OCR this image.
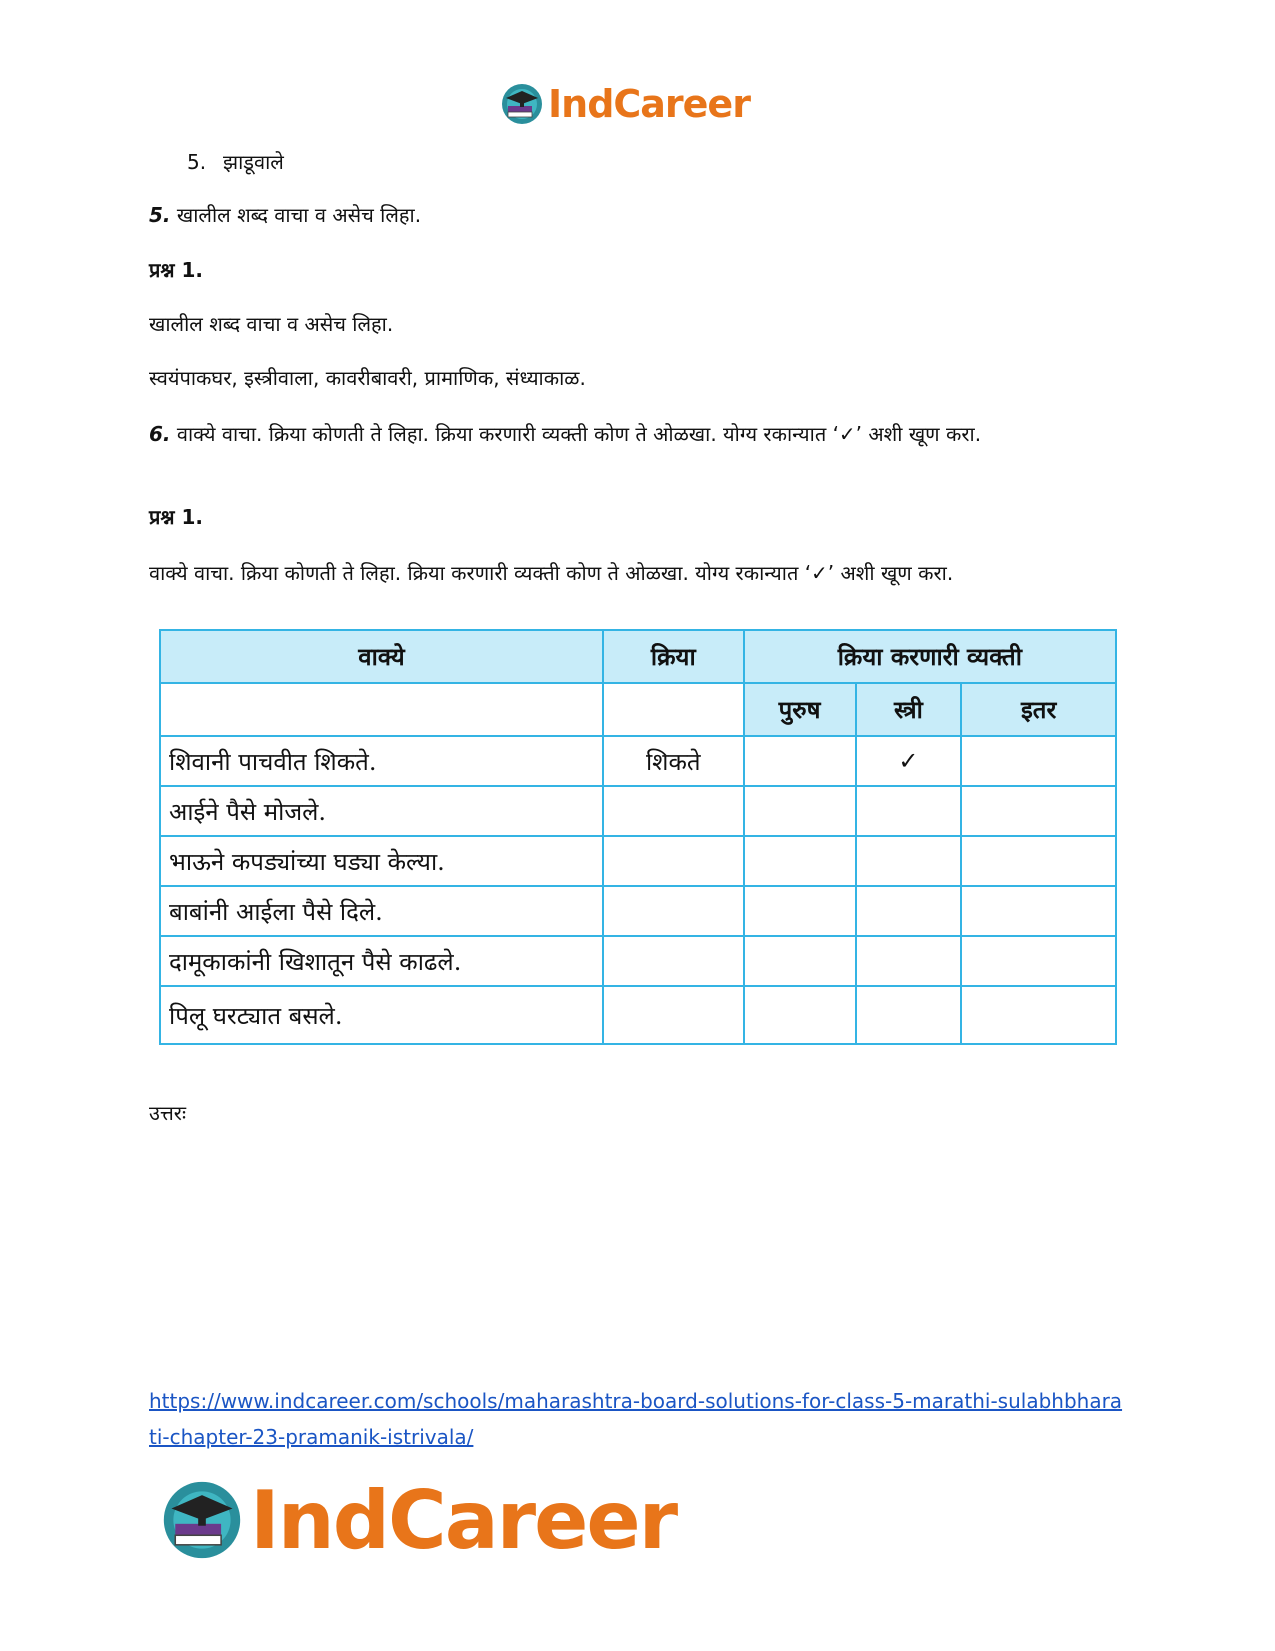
IndCareer
5. झाडूवाले
5. खालील शब्द वाचा व असेच लिहा.
प्रश्न 1.
खालील शब्द वाचा व असेच लिहा.
स्वयंपाकघर, इस्त्रीवाला, कावरीबावरी, प्रामाणिक, संध्याकाळ.
6. वाक्ये वाचा. क्रिया कोणती ते लिहा. क्रिया करणारी व्यक्ती कोण ते ओळखा. योग्य रकान्यात ‘✓’ अशी खूण करा.
प्रश्न 1.
वाक्ये वाचा. क्रिया कोणती ते लिहा. क्रिया करणारी व्यक्ती कोण ते ओळखा. योग्य रकान्यात ‘✓’ अशी खूण करा.
वाक्ये	क्रिया	क्रिया करणारी व्यक्ती		
		पुरुष	स्त्री	इतर
शिवानी पाचवीत शिकते.	शिकते		✓	
आईने पैसे मोजले.				
भाऊने कपड्यांच्या घड्या केल्या.				
बाबांनी आईला पैसे दिले.				
दामूकाकांनी खिशातून पैसे काढले.				
पिलू घरट्यात बसले.				
उत्तरः
https://www.indcareer.com/schools/maharashtra-board-solutions-for-class-5-marathi-sulabhbharati-chapter-23-pramanik-istrivala/
IndCareer
